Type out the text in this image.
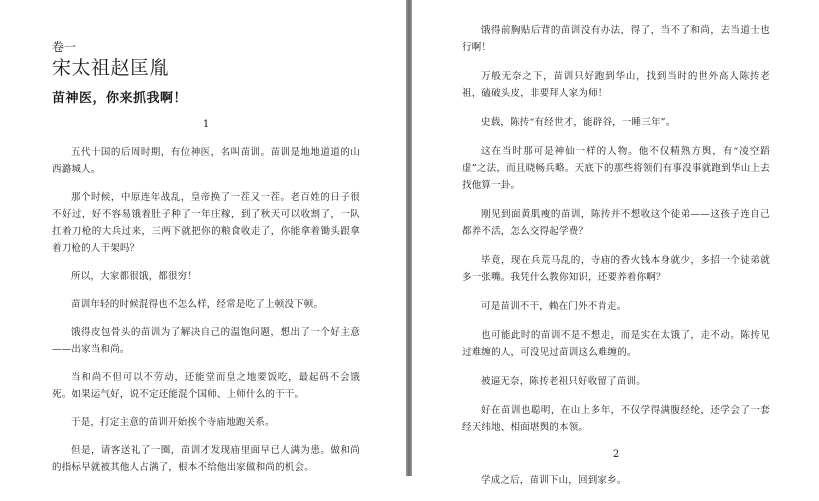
卷一
宋太祖赵匡胤
苗神医，你来抓我啊！
1

五代十国的后周时期，有位神医，名叫苗训。苗训是地地道道的山西潞城人。

那个时候，中原连年战乱，皇帝换了一茬又一茬。老百姓的日子很不好过，好不容易饿着肚子种了一年庄稼，到了秋天可以收割了，一队扛着刀枪的大兵过来，三两下就把你的粮食收走了，你能拿着锄头跟拿着刀枪的人干架吗？

所以，大家都很饿，都很穷！

苗训年轻的时候混得也不怎么样，经常是吃了上顿没下顿。

饿得皮包骨头的苗训为了解决自己的温饱问题，想出了一个好主意——出家当和尚。

当和尚不但可以不劳动，还能堂而皇之地要饭吃，最起码不会饿死。如果运气好，说不定还能混个国师、上师什么的干干。

于是，打定主意的苗训开始挨个寺庙地跑关系。

但是，请客送礼了一圈，苗训才发现庙里面早已人满为患。做和尚的指标早就被其他人占满了，根本不给他出家做和尚的机会。

饿得前胸贴后背的苗训没有办法，得了，当不了和尚，去当道士也行啊！

万般无奈之下，苗训只好跑到华山，找到当时的世外高人陈抟老祖，磕破头皮，非要拜人家为师！

史载，陈抟“有经世才，能辟谷，一睡三年”。

这在当时那可是神仙一样的人物。他不仅精熟方舆，有“凌空蹈虚”之法，而且晓畅兵略。天底下的那些将领们有事没事就跑到华山上去找他算一卦。

刚见到面黄肌瘦的苗训，陈抟并不想收这个徒弟——这孩子连自己都养不活，怎么交得起学费？

毕竟，现在兵荒马乱的，寺庙的香火钱本身就少，多招一个徒弟就多一张嘴。我凭什么教你知识，还要养着你啊？

可是苗训不干，赖在门外不肯走。

也可能此时的苗训不是不想走，而是实在太饿了，走不动。陈抟见过难缠的人，可没见过苗训这么难缠的。

被逼无奈，陈抟老祖只好收留了苗训。

好在苗训也聪明，在山上多年，不仅学得满腹经纶，还学会了一套经天纬地、相面堪舆的本领。

2

学成之后，苗训下山，回到家乡。
